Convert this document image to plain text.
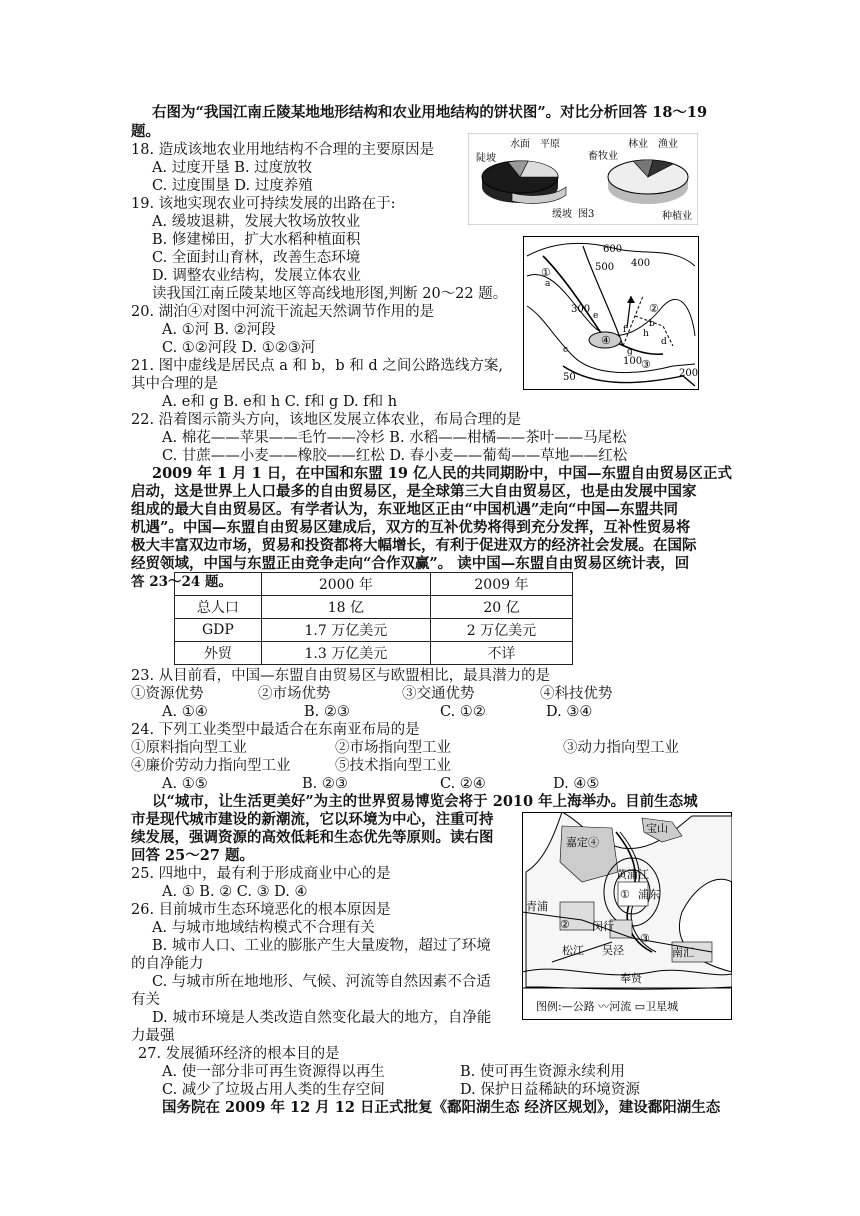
右图为“我国江南丘陵某地地形结构和农业用地结构的饼状图”。对比分析回答 18～19
题。
18. 造成该地农业用地结构不合理的主要原因是
A. 过度开垦 B. 过度放牧
C. 过度围垦 D. 过度养殖
陡坡
水面 平原
缓坡
畜牧业
林业 渔业
种植业
图3
19. 该地实现农业可持续发展的出路在于:
A. 缓坡退耕，发展大牧场放牧业
B. 修建梯田，扩大水稻种植面积
C. 全面封山育林，改善生态环境
D. 调整农业结构，发展立体农业
600
500 400
300
200
100
50
①
②
③
④
a
b
c
d
e
f
g
h
读我国江南丘陵某地区等高线地形图,判断 20～22 题。
20. 湖泊④对图中河流干流起天然调节作用的是
A. ①河 B. ②河段
C. ①②河段 D. ①②③河
21. 图中虚线是居民点 a 和 b，b 和 d 之间公路选线方案,
其中合理的是
A. e和 g B. e和 h C. f和 g D. f和 h
22. 沿着图示箭头方向，该地区发展立体农业，布局合理的是
A. 棉花——苹果——毛竹——冷杉 B. 水稻——柑橘——茶叶——马尾松
C. 甘蔗——小麦——橡胶——红松 D. 春小麦——葡萄——草地——红松
2009 年 1 月 1 日，在中国和东盟 19 亿人民的共同期盼中，中国—东盟自由贸易区正式
启动，这是世界上人口最多的自由贸易区，是全球第三大自由贸易区，也是由发展中国家
组成的最大自由贸易区。有学者认为，东亚地区正由“中国机遇”走向“中国—东盟共同
机遇”。中国—东盟自由贸易区建成后，双方的互补优势将得到充分发挥，互补性贸易将
极大丰富双边市场，贸易和投资都将大幅增长，有利于促进双方的经济社会发展。在国际
经贸领域，中国与东盟正由竞争走向“合作双赢”。 读中国—东盟自由贸易区统计表，回
答 23～24 题。
		2000 年	2009 年
总人口	18 亿	20 亿
GDP	1.7 万亿美元	2 万亿美元
外贸	1.3 万亿美元	不详
23. 从目前看，中国—东盟自由贸易区与欧盟相比，最具潜力的是
①资源优势	②市场优势	③交通优势	④科技优势
A. ①④	B. ②③	C. ①②	D. ③④
24. 下列工业类型中最适合在东南亚布局的是
①原料指向型工业	②市场指向型工业	③动力指向型工业
④廉价劳动力指向型工业	⑤技术指向型工业
A. ①⑤	B. ②③	C. ②④	D. ④⑤
以“城市，让生活更美好”为主的世界贸易博览会将于 2010 年上海举办。目前生态城
市是现代城市建设的新潮流，它以环境为中心，注重可持
续发展，强调资源的高效低耗和生态优先等原则。读右图
回答 25～27 题。
宝山
嘉定④
黄浦江
浦东
①
青浦
② 闵行
松江 吴泾
③
南汇
奉贤
图例:—公路 〰河流 ▭卫星城
25. 四地中，最有利于形成商业中心的是
A. ① B. ② C. ③ D. ④
26. 目前城市生态环境恶化的根本原因是
A. 与城市地域结构模式不合理有关
B. 城市人口、工业的膨胀产生大量废物，超过了环境
的自净能力
C. 与城市所在地地形、气候、河流等自然因素不合适
有关
D. 城市环境是人类改造自然变化最大的地方，自净能
力最强
27. 发展循环经济的根本目的是
A. 使一部分非可再生资源得以再生	B. 使可再生资源永续利用
C. 减少了垃圾占用人类的生存空间	D. 保护日益稀缺的环境资源
国务院在 2009 年 12 月 12 日正式批复《鄱阳湖生态 经济区规划》，建设鄱阳湖生态
